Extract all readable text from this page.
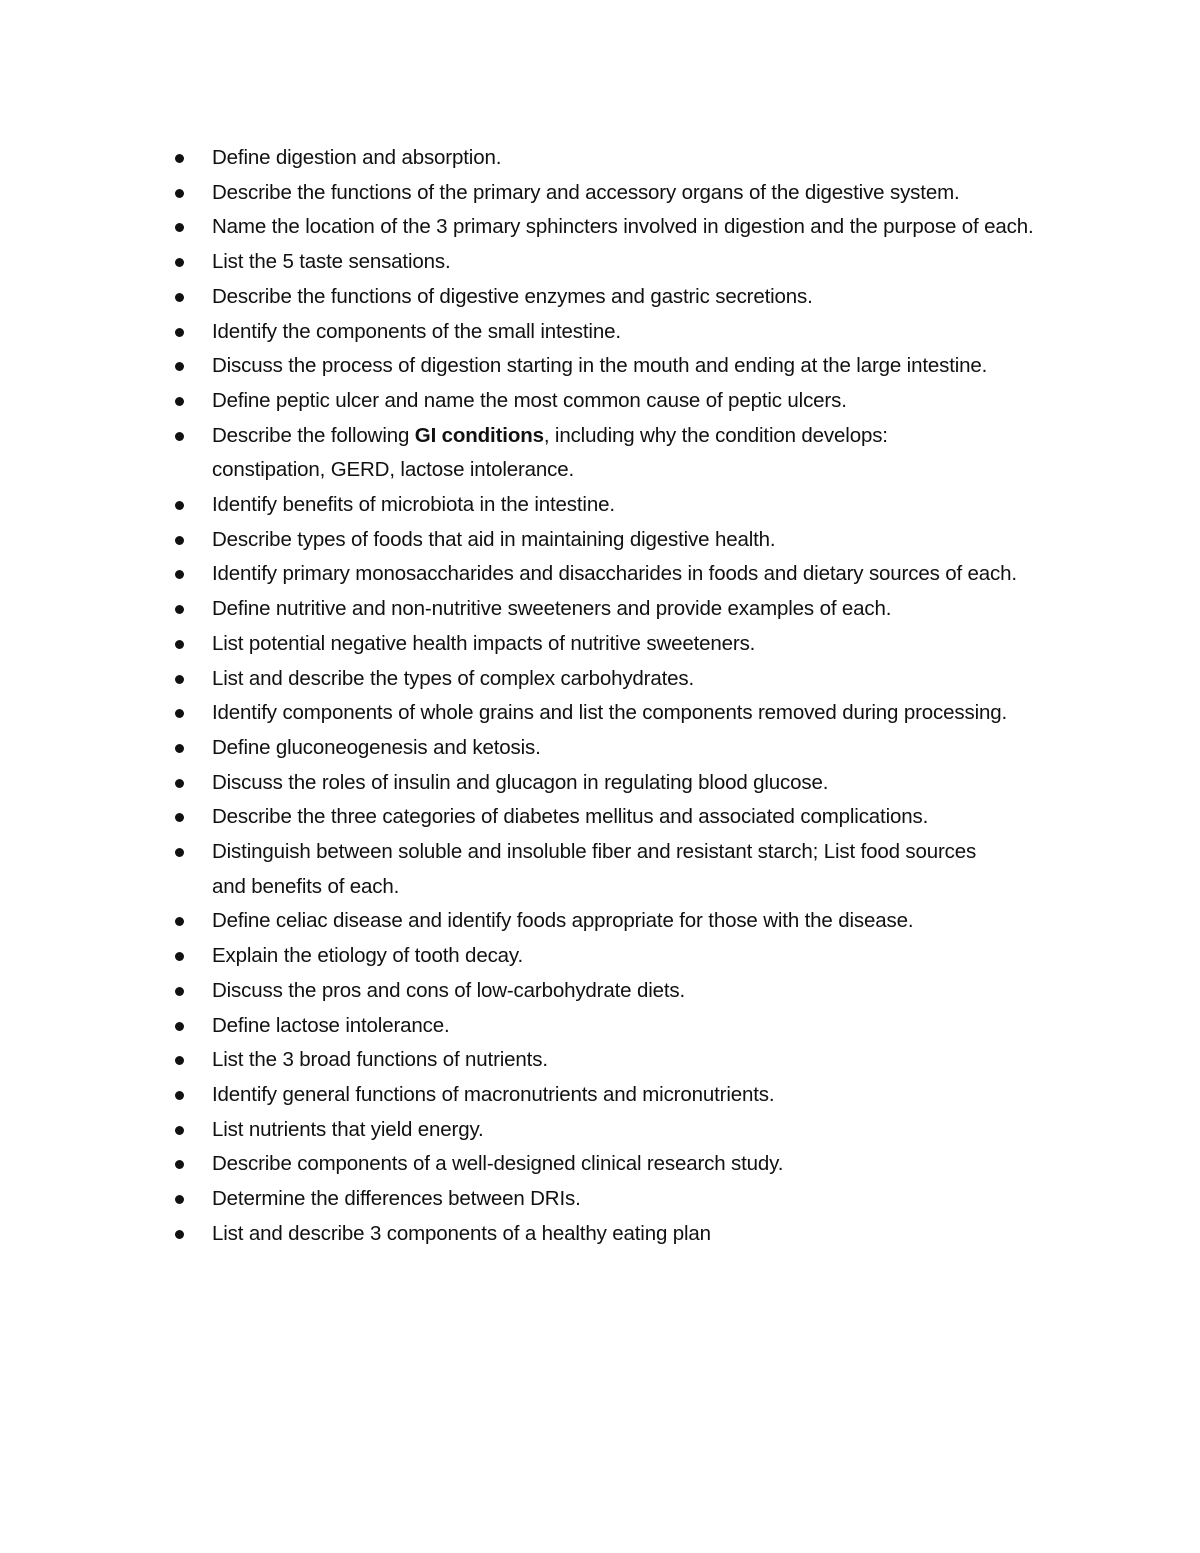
Define digestion and absorption.
Describe the functions of the primary and accessory organs of the digestive system.
Name the location of the 3 primary sphincters involved in digestion and the purpose of each.
List the 5 taste sensations.
Describe the functions of digestive enzymes and gastric secretions.
Identify the components of the small intestine.
Discuss the process of digestion starting in the mouth and ending at the large intestine.
Define peptic ulcer and name the most common cause of peptic ulcers.
Describe the following GI conditions, including why the condition develops: constipation, GERD, lactose intolerance.
Identify benefits of microbiota in the intestine.
Describe types of foods that aid in maintaining digestive health.
Identify primary monosaccharides and disaccharides in foods and dietary sources of each.
Define nutritive and non-nutritive sweeteners and provide examples of each.
List potential negative health impacts of nutritive sweeteners.
List and describe the types of complex carbohydrates.
Identify components of whole grains and list the components removed during processing.
Define gluconeogenesis and ketosis.
Discuss the roles of insulin and glucagon in regulating blood glucose.
Describe the three categories of diabetes mellitus and associated complications.
Distinguish between soluble and insoluble fiber and resistant starch; List food sources and benefits of each.
Define celiac disease and identify foods appropriate for those with the disease.
Explain the etiology of tooth decay.
Discuss the pros and cons of low-carbohydrate diets.
Define lactose intolerance.
List the 3 broad functions of nutrients.
Identify general functions of macronutrients and micronutrients.
List nutrients that yield energy.
Describe components of a well-designed clinical research study.
Determine the differences between DRIs.
List and describe 3 components of a healthy eating plan
